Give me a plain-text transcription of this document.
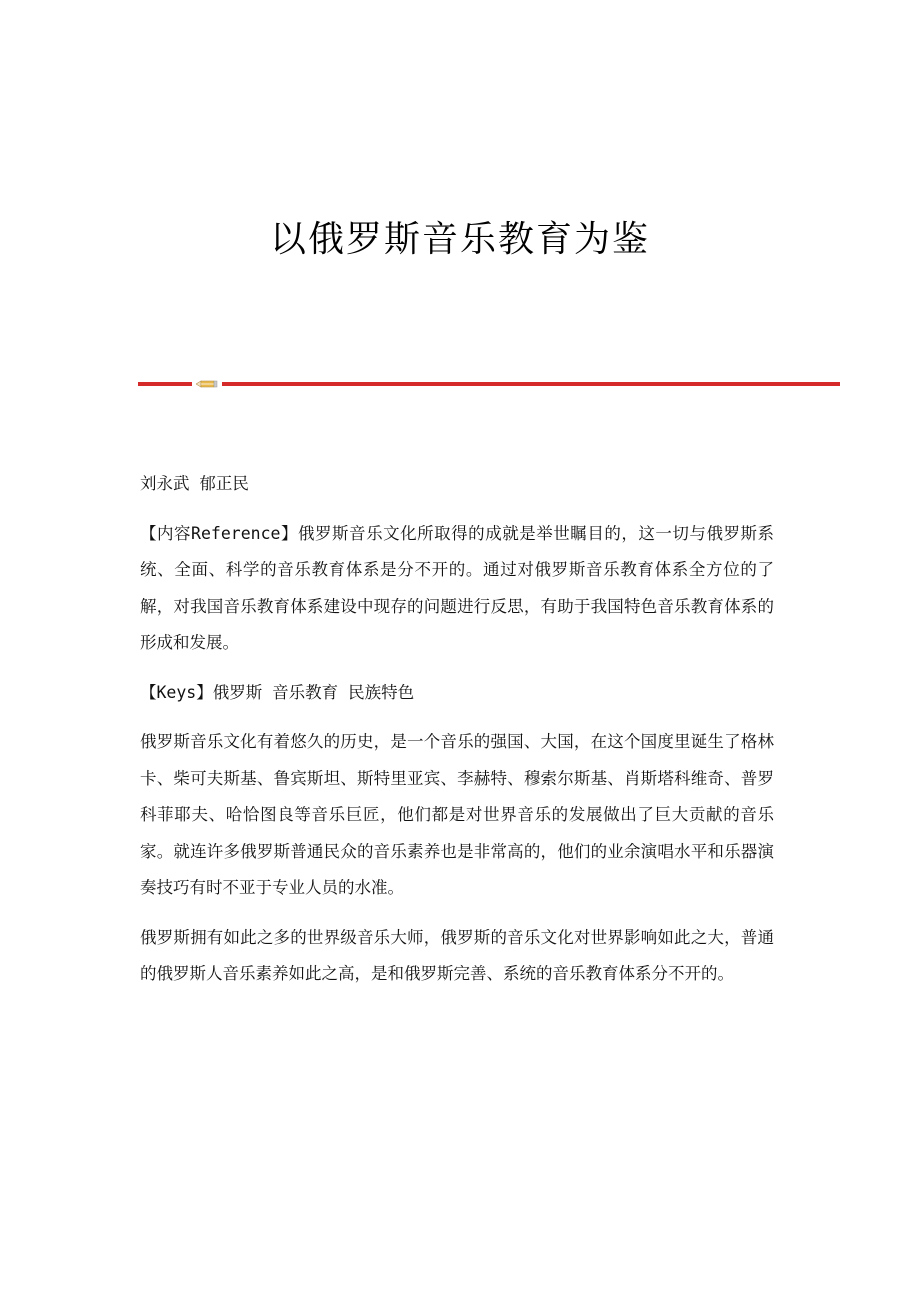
以俄罗斯音乐教育为鉴

刘永武 郁正民

【内容Reference】俄罗斯音乐文化所取得的成就是举世瞩目的，这一切与俄罗斯系统、全面、科学的音乐教育体系是分不开的。通过对俄罗斯音乐教育体系全方位的了解，对我国音乐教育体系建设中现存的问题进行反思，有助于我国特色音乐教育体系的形成和发展。

【Keys】俄罗斯 音乐教育 民族特色

俄罗斯音乐文化有着悠久的历史，是一个音乐的强国、大国，在这个国度里诞生了格林卡、柴可夫斯基、鲁宾斯坦、斯特里亚宾、李赫特、穆索尔斯基、肖斯塔科维奇、普罗科菲耶夫、哈恰图良等音乐巨匠，他们都是对世界音乐的发展做出了巨大贡献的音乐家。就连许多俄罗斯普通民众的音乐素养也是非常高的，他们的业余演唱水平和乐器演奏技巧有时不亚于专业人员的水准。

俄罗斯拥有如此之多的世界级音乐大师，俄罗斯的音乐文化对世界影响如此之大，普通的俄罗斯人音乐素养如此之高，是和俄罗斯完善、系统的音乐教育体系分不开的。
